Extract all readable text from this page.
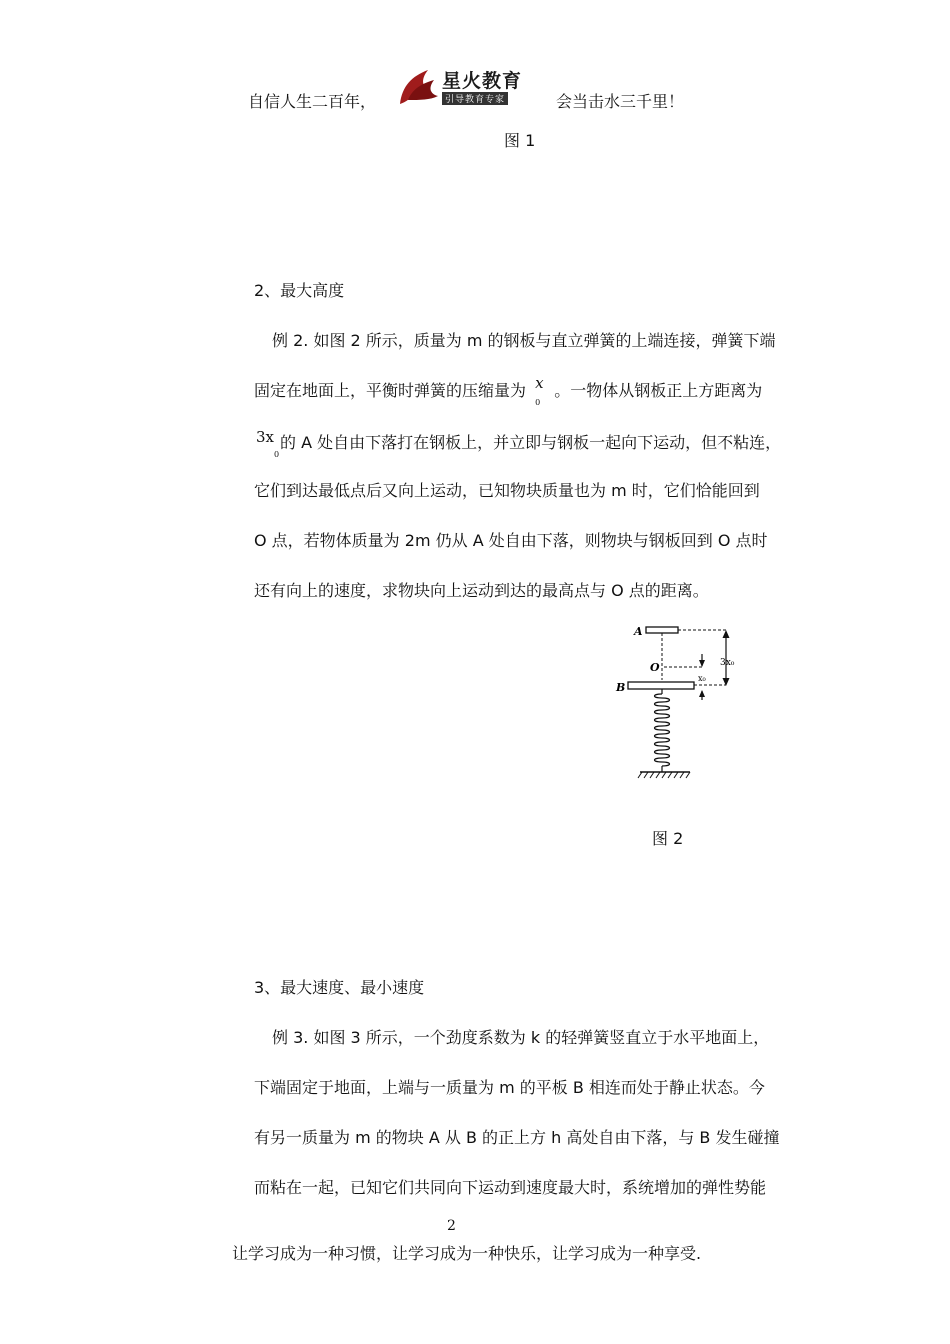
自信人生二百年，
星火教育
引导教育专家	会当击水三千里！
图 1
2、最大高度
例 2. 如图 2 所示，质量为 m 的钢板与直立弹簧的上端连接，弹簧下端
固定在地面上，平衡时弹簧的压缩量为 x
0
。一物体从钢板正上方距离为
3x
0
的 A 处自由下落打在钢板上，并立即与钢板一起向下运动，但不粘连，
它们到达最低点后又向上运动，已知物块质量也为 m 时，它们恰能回到
O 点，若物体质量为 2m 仍从 A 处自由下落，则物块与钢板回到 O 点时
还有向上的速度，求物块向上运动到达的最高点与 O 点的距离。
A
O
B
3x₀
x₀
图 2
3、最大速度、最小速度
例 3. 如图 3 所示，一个劲度系数为 k 的轻弹簧竖直立于水平地面上，
下端固定于地面，上端与一质量为 m 的平板 B 相连而处于静止状态。今
有另一质量为 m 的物块 A 从 B 的正上方 h 高处自由下落，与 B 发生碰撞
而粘在一起，已知它们共同向下运动到速度最大时，系统增加的弹性势能
2
让学习成为一种习惯，让学习成为一种快乐，让学习成为一种享受.
